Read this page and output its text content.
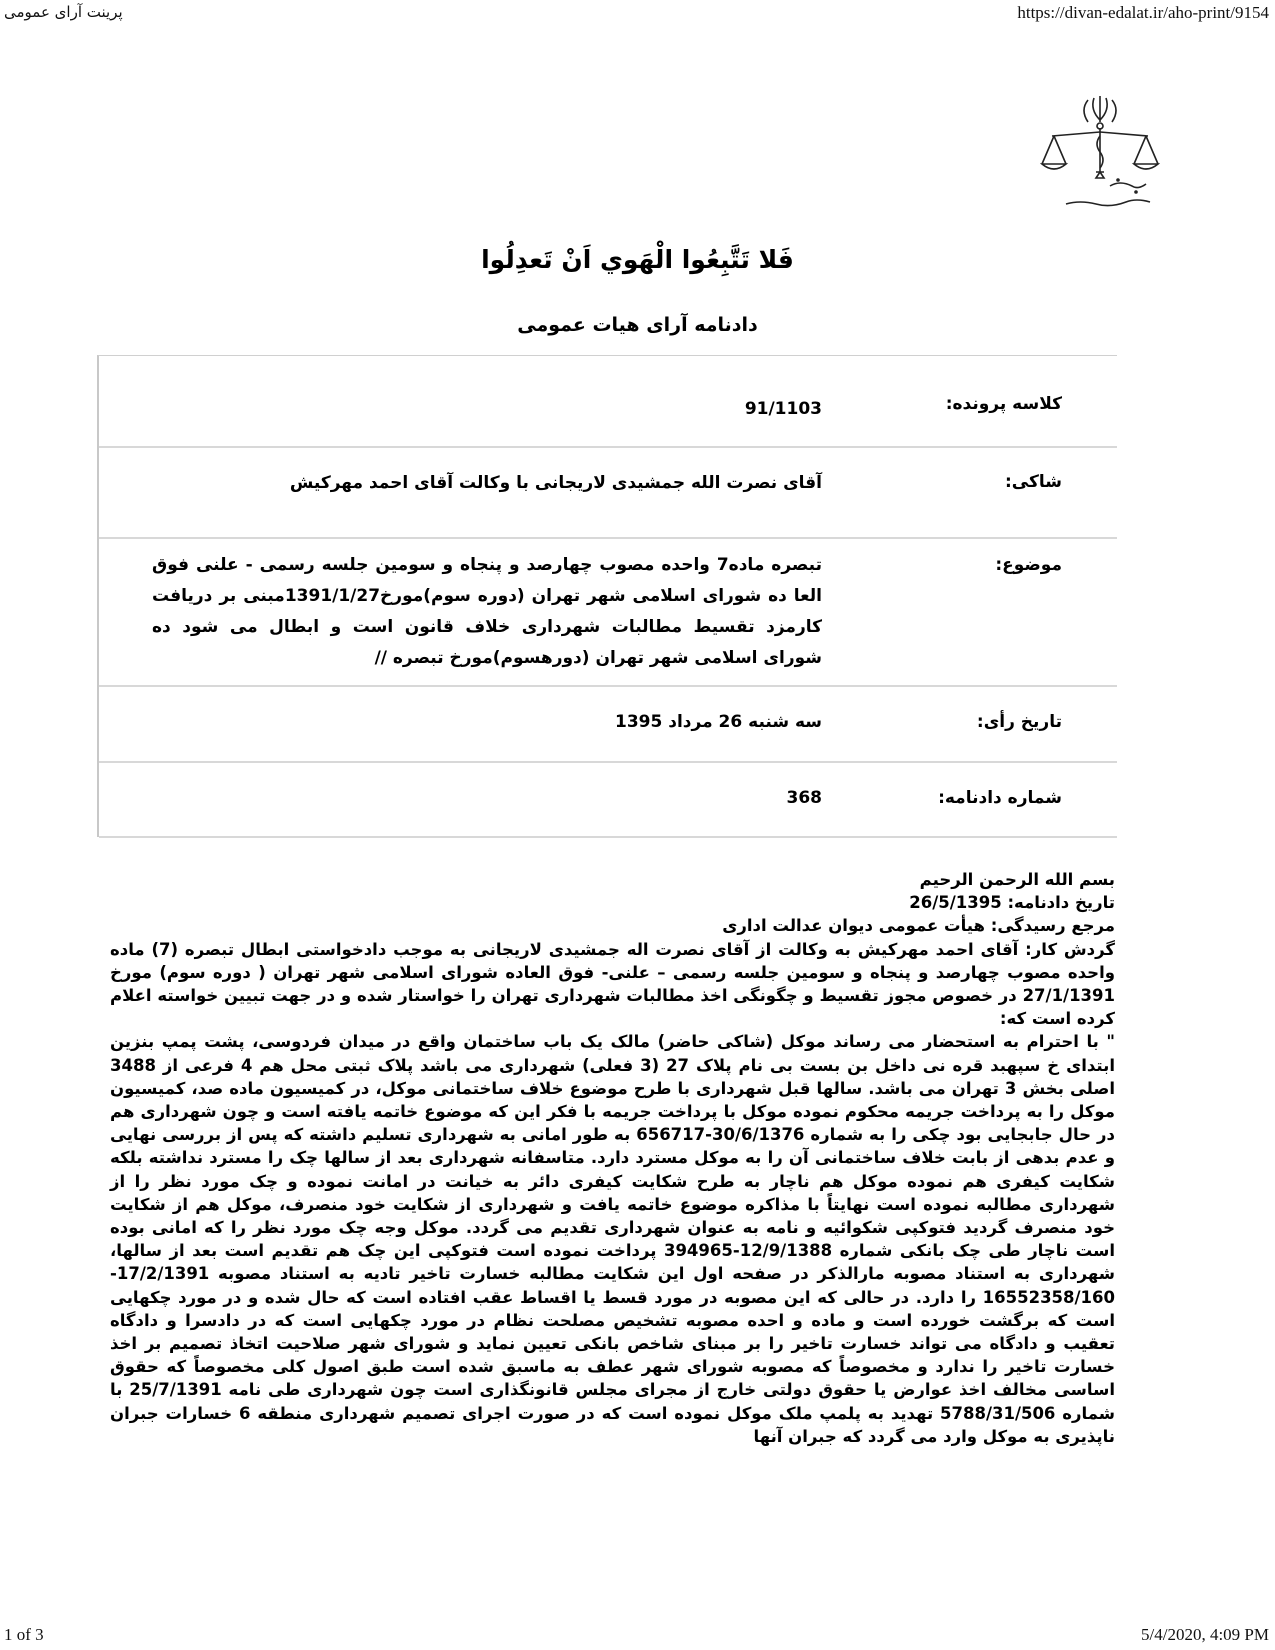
پرینت آرای عمومی	https://divan-edalat.ir/aho-print/9154
فَلا تَتَّبِعُوا الْهَوي اَنْ تَعدِلُوا
دادنامه آرای هیات عمومی
کلاسه پرونده:
91/1103
شاکی:
آقای نصرت الله جمشیدی لاریجانی با وکالت آقای احمد مهرکیش
موضوع:
تبصره ماده7 واحده مصوب چهارصد و پنجاه و سومین جلسه رسمی - علنی فوق العا ده شورای اسلامی شهر تهران (دوره سوم)مورخ1391/1/27مبنی بر دریافت کارمزد تقسیط مطالبات شهرداری خلاف قانون است و ابطال می شود ده شورای اسلامی شهر تهران (دورهسوم)مورخ تبصره //
تاریخ رأی:
سه شنبه 26 مرداد 1395
شماره دادنامه:
368

بسم الله الرحمن الرحیم

تاریخ دادنامه: 26/5/1395

مرجع رسیدگی: هیأت عمومی دیوان عدالت اداری

گردش کار: آقای احمد مهرکیش به وکالت از آقای نصرت اله جمشیدی لاریجانی به موجب دادخواستی ابطال تبصره (7) ماده واحده مصوب چهارصد و پنجاه و سومین جلسه رسمی – علنی- فوق العاده شورای اسلامی شهر تهران ( دوره سوم) مورخ 27/1/1391 در خصوص مجوز تقسیط و چگونگی اخذ مطالبات شهرداری تهران را خواستار شده و در جهت تبیین خواسته اعلام کرده است که:

" با احترام به استحضار می رساند موکل (شاکی حاضر) مالک یک باب ساختمان واقع در میدان فردوسی، پشت پمپ بنزین ابتدای خ سپهبد قره نی داخل بن بست بی نام پلاک 27 (3 فعلی) شهرداری می باشد پلاک ثبتی محل هم 4 فرعی از 3488 اصلی بخش 3 تهران می باشد. سالها قبل شهرداری با طرح موضوع خلاف ساختمانی موکل، در کمیسیون ماده صد، کمیسیون موکل را به پرداخت جریمه محکوم نموده موکل با پرداخت جریمه با فکر این که موضوع خاتمه یافته است و چون شهرداری هم در حال جابجایی بود چکی را به شماره 30/6/1376-656717 به طور امانی به شهرداری تسلیم داشته که پس از بررسی نهایی و عدم بدهی از بابت خلاف ساختمانی آن را به موکل مسترد دارد. متاسفانه شهرداری بعد از سالها چک را مسترد نداشته بلکه شکایت کیفری هم نموده موکل هم ناچار به طرح شکایت کیفری دائر به خیانت در امانت نموده و چک مورد نظر را از شهرداری مطالبه نموده است نهایتاً با مذاکره موضوع خاتمه یافت و شهرداری از شکایت خود منصرف، موکل هم از شکایت خود منصرف گردید فتوکپی شکوائیه و نامه به عنوان شهرداری تقدیم می گردد. موکل وجه چک مورد نظر را که امانی بوده است ناچار طی چک بانکی شماره 12/9/1388-394965 پرداخت نموده است فتوکپی این چک هم تقدیم است بعد از سالها، شهرداری به استناد مصوبه مارالذکر در صفحه اول این شکایت مطالبه خسارت تاخیر تادیه به استناد مصوبه 17/2/1391-16552358/160 را دارد. در حالی که این مصوبه در مورد قسط یا اقساط عقب افتاده است که حال شده و در مورد چکهایی است که برگشت خورده است و ماده و احده مصوبه تشخیص مصلحت نظام در مورد چکهایی است که در دادسرا و دادگاه تعقیب و دادگاه می تواند خسارت تاخیر را بر مبنای شاخص بانکی تعیین نماید و شورای شهر صلاحیت اتخاذ تصمیم بر اخذ خسارت تاخیر را ندارد و مخصوصاً که مصوبه شورای شهر عطف به ماسبق شده است طبق اصول کلی مخصوصاً که حقوق اساسی مخالف اخذ عوارض یا حقوق دولتی خارج از مجرای مجلس قانونگذاری است چون شهرداری طی نامه 25/7/1391 با شماره 5788/31/506 تهدید به پلمپ ملک موکل نموده است که در صورت اجرای تصمیم شهرداری منطقه 6 خسارات جبران ناپذیری به موکل وارد می گردد که جبران آنها

1 of 3	5/4/2020, 4:09 PM
